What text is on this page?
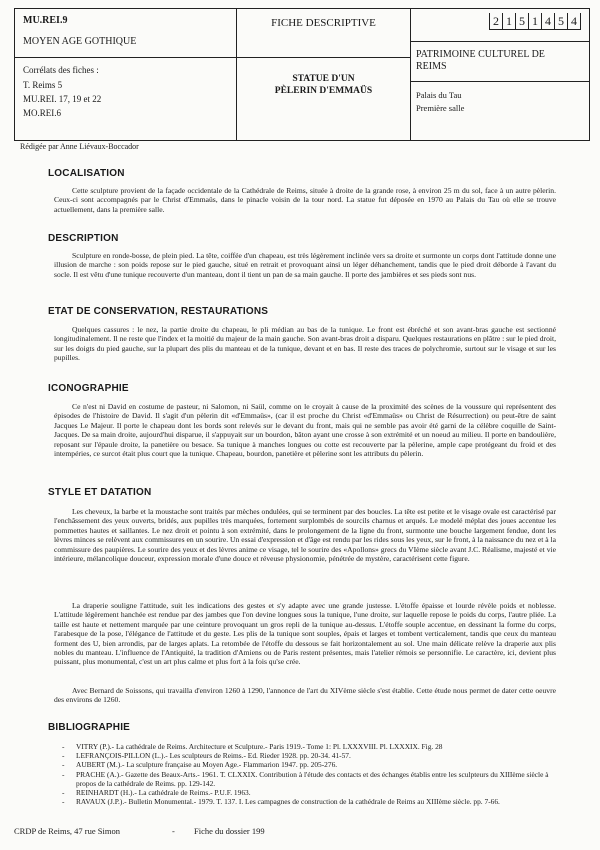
MU.REI.9
MOYEN AGE GOTHIQUE
Corrélats des fiches :
T. Reims 5
MU.REI. 17, 19 et 22
MO.REI.6
FICHE DESCRIPTIVE
STATUE D'UN
PÈLERIN D'EMMAÜS
2 1 5 1 4 5 4
PATRIMOINE CULTUREL DE
REIMS
Palais du Tau
Première salle
Rédigée par Anne Liévaux-Boccador
LOCALISATION

Cette sculpture provient de la façade occidentale de la Cathédrale de Reims, située à droite de la grande rose, à environ 25 m du sol, face à un autre pèlerin. Ceux-ci sont accompagnés par le Christ d'Emmaüs, dans le pinacle voisin de la tour nord. La statue fut déposée en 1970 au Palais du Tau où elle se trouve actuellement, dans la première salle.

DESCRIPTION

Sculpture en ronde-bosse, de plein pied. La tête, coiffée d'un chapeau, est très légèrement inclinée vers sa droite et surmonte un corps dont l'attitude donne une illusion de marche : son poids repose sur le pied gauche, situé en retrait et provoquant ainsi un léger déhanchement, tandis que le pied droit déborde à l'avant du socle. Il est vêtu d'une tunique recouverte d'un manteau, dont il tient un pan de sa main gauche. Il porte des jambières et ses pieds sont nus.

ETAT DE CONSERVATION, RESTAURATIONS

Quelques cassures : le nez, la partie droite du chapeau, le pli médian au bas de la tunique. Le front est ébréché et son avant-bras gauche est sectionné longitudinalement. Il ne reste que l'index et la moitié du majeur de la main gauche. Son avant-bras droit a disparu. Quelques restaurations en plâtre : sur le pied droit, sur les doigts du pied gauche, sur la plupart des plis du manteau et de la tunique, devant et en bas. Il reste des traces de polychromie, surtout sur le visage et sur les pupilles.

ICONOGRAPHIE

Ce n'est ni David en costume de pasteur, ni Salomon, ni Saül, comme on le croyait à cause de la proximité des scènes de la voussure qui représentent des épisodes de l'histoire de David. Il s'agit d'un pèlerin dit «d'Emmaüs», (car il est proche du Christ «d'Emmaüs» ou Christ de Résurrection) ou peut-être de saint Jacques Le Majeur. Il porte le chapeau dont les bords sont relevés sur le devant du front, mais qui ne semble pas avoir été garni de la célèbre coquille de Saint-Jacques. De sa main droite, aujourd'hui disparue, il s'appuyait sur un bourdon, bâton ayant une crosse à son extrémité et un noeud au milieu. Il porte en bandoulière, reposant sur l'épaule droite, la panetière ou besace. Sa tunique à manches longues ou cotte est recouverte par la pèlerine, ample cape protégeant du froid et des intempéries, ce surcot était plus court que la tunique. Chapeau, bourdon, panetière et pèlerine sont les attributs du pèlerin.

STYLE ET DATATION

Les cheveux, la barbe et la moustache sont traités par mèches ondulées, qui se terminent par des boucles. La tête est petite et le visage ovale est caractérisé par l'enchâssement des yeux ouverts, bridés, aux pupilles très marquées, fortement surplombés de sourcils charnus et arqués. Le modelé méplat des joues accentue les pommettes hautes et saillantes. Le nez droit et pointu à son extrémité, dans le prolongement de la ligne du front, surmonte une bouche largement fendue, dont les lèvres minces se relèvent aux commissures en un sourire. Un essai d'expression et d'âge est rendu par les rides sous les yeux, sur le front, à la naissance du nez et à la commissure des paupières. Le sourire des yeux et des lèvres anime ce visage, tel le sourire des «Apollons» grecs du VIème siècle avant J.C. Réalisme, majesté et vie intérieure, mélancolique douceur, expression morale d'une douce et réveuse physionomie, pénétrée de mystère, caractérisent cette figure.

La draperie souligne l'attitude, suit les indications des gestes et s'y adapte avec une grande justesse. L'étoffe épaisse et lourde révèle poids et noblesse. L'attitude légèrement hanchée est rendue par des jambes que l'on devine longues sous la tunique, l'une droite, sur laquelle repose le poids du corps, l'autre pliée. La taille est haute et nettement marquée par une ceinture provoquant un gros repli de la tunique au-dessus. L'étoffe souple accentue, en dessinant la forme du corps, l'arabesque de la pose, l'élégance de l'attitude et du geste. Les plis de la tunique sont souples, épais et larges et tombent verticalement, tandis que ceux du manteau forment des U, bien arrondis, par de larges aplats. La retombée de l'étoffe du dessous se fait horizontalement au sol. Une main délicate relève la draperie aux plis nobles du manteau. L'influence de l'Antiquité, la tradition d'Amiens ou de Paris restent présentes, mais l'atelier rémois se personnifie. Le caractère, ici, devient plus puissant, plus monumental, c'est un art plus calme et plus fort à la fois qu'se crée.

Avec Bernard de Soissons, qui travailla d'environ 1260 à 1290, l'annonce de l'art du XIVème siècle s'est établie. Cette étude nous permet de dater cette oeuvre des environs de 1260.

BIBLIOGRAPHIE
- VITRY (P.).- La cathédrale de Reims. Architecture et Sculpture.- Paris 1919.- Tome 1: Pl. LXXXVIII. Pl. LXXXIX. Fig. 28
- LEFRANÇOIS-PILLON (L.).- Les sculpteurs de Reims.- Ed. Rieder 1928. pp. 20-34. 41-57.
- AUBERT (M.).- La sculpture française au Moyen Age.- Flammarion 1947. pp. 205-276.
- PRACHE (A.).- Gazette des Beaux-Arts.- 1961. T. CLXXIX. Contribution à l'étude des contacts et des échanges établis entre les sculpteurs du XIIIème siècle à propos de la cathédrale de Reims. pp. 129-142.
- REINHARDT (H.).- La cathédrale de Reims.- P.U.F. 1963.
- RAVAUX (J.P.).- Bulletin Monumental.- 1979. T. 137. I. Les campagnes de construction de la cathédrale de Reims au XIIIème siècle. pp. 7-66.
CRDP de Reims, 47 rue Simon	- Fiche du dossier 199
